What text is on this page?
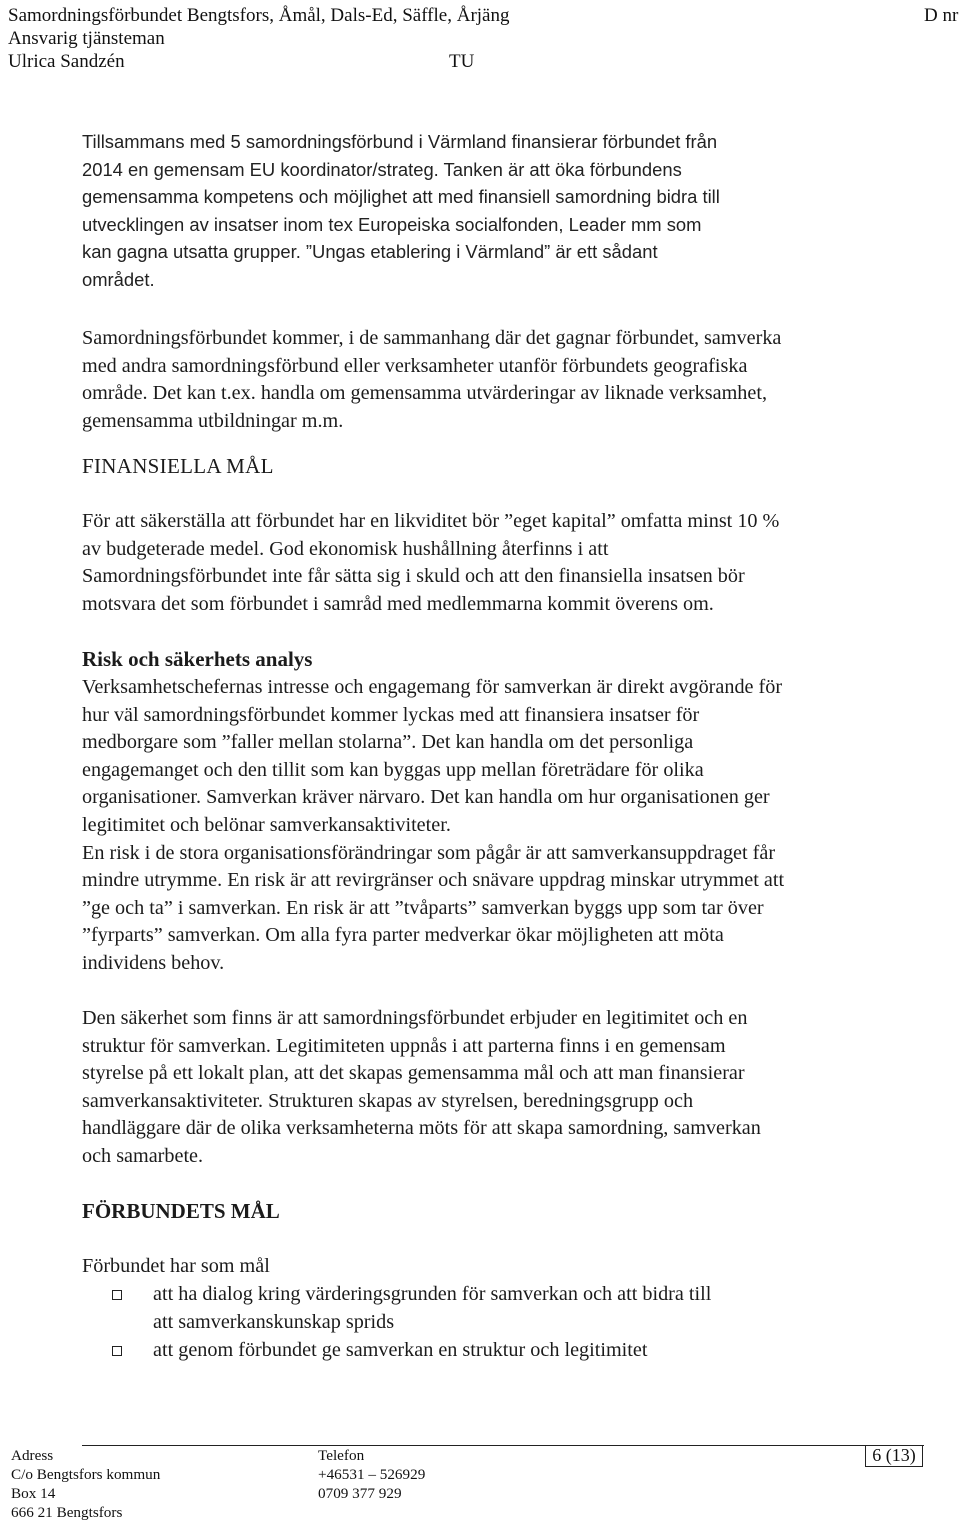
Samordningsförbundet Bengtsfors, Åmål, Dals-Ed, Säffle, Årjäng	D nr
Ansvarig tjänsteman
Ulrica Sandzén	TU
Tillsammans med 5 samordningsförbund i Värmland finansierar förbundet från
2014 en gemensam EU koordinator/strateg. Tanken är att öka förbundens
gemensamma kompetens och möjlighet att med finansiell samordning bidra till
utvecklingen av insatser inom tex Europeiska socialfonden, Leader mm som
kan gagna utsatta grupper. ”Ungas etablering i Värmland” är ett sådant
området.
Samordningsförbundet kommer, i de sammanhang där det gagnar förbundet, samverka
med andra samordningsförbund eller verksamheter utanför förbundets geografiska
område. Det kan t.ex. handla om gemensamma utvärderingar av liknade verksamhet,
gemensamma utbildningar m.m.
FINANSIELLA MÅL
För att säkerställa att förbundet har en likviditet bör ”eget kapital” omfatta minst 10 %
av budgeterade medel. God ekonomisk hushållning återfinns i att
Samordningsförbundet inte får sätta sig i skuld och att den finansiella insatsen bör
motsvara det som förbundet i samråd med medlemmarna kommit överens om.
Risk och säkerhets analys
Verksamhetschefernas intresse och engagemang för samverkan är direkt avgörande för
hur väl samordningsförbundet kommer lyckas med att finansiera insatser för
medborgare som ”faller mellan stolarna”. Det kan handla om det personliga
engagemanget och den tillit som kan byggas upp mellan företrädare för olika
organisationer. Samverkan kräver närvaro. Det kan handla om hur organisationen ger
legitimitet och belönar samverkansaktiviteter.
En risk i de stora organisationsförändringar som pågår är att samverkansuppdraget får
mindre utrymme. En risk är att revirgränser och snävare uppdrag minskar utrymmet att
”ge och ta” i samverkan. En risk är att ”tvåparts” samverkan byggs upp som tar över
”fyrparts” samverkan. Om alla fyra parter medverkar ökar möjligheten att möta
individens behov.
Den säkerhet som finns är att samordningsförbundet erbjuder en legitimitet och en
struktur för samverkan. Legitimiteten uppnås i att parterna finns i en gemensam
styrelse på ett lokalt plan, att det skapas gemensamma mål och att man finansierar
samverkansaktiviteter. Strukturen skapas av styrelsen, beredningsgrupp och
handläggare där de olika verksamheterna möts för att skapa samordning, samverkan
och samarbete.
FÖRBUNDETS MÅL
Förbundet har som mål
att ha dialog kring värderingsgrunden för samverkan och att bidra till
att samverkanskunskap sprids
att genom förbundet ge samverkan en struktur och legitimitet
Adress
C/o Bengtsfors kommun
Box 14
666 21 Bengtsfors
Telefon
+46531 – 526929
0709 377 929
6 (13)
